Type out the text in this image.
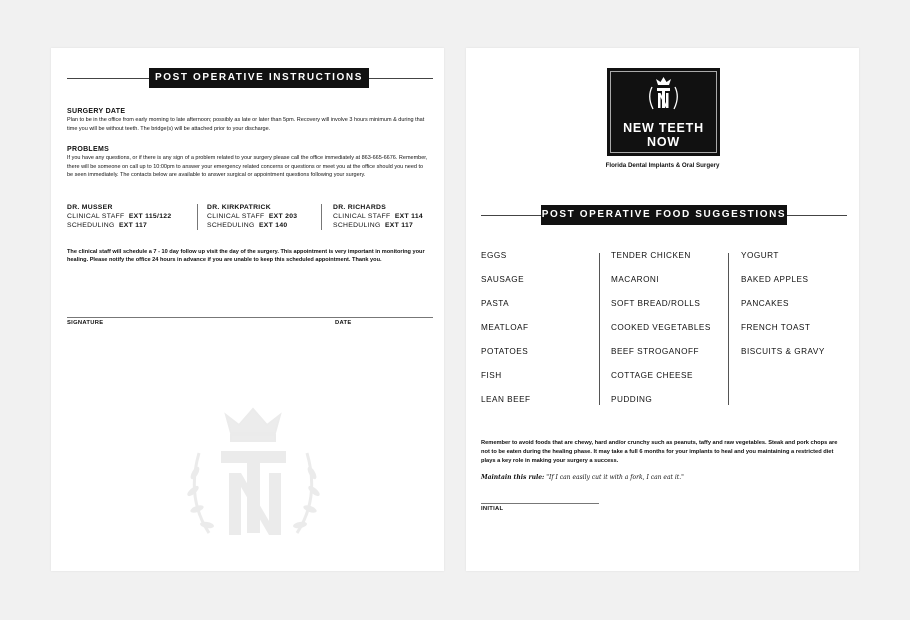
POST OPERATIVE INSTRUCTIONS
SURGERY DATE
Plan to be in the office from early morning to late afternoon; possibly as late or later than 5pm. Recovery will involve 3 hours minimum & during that time you will be without teeth. The bridge(s) will be attached prior to your discharge.
PROBLEMS
If you have any questions, or if there is any sign of a problem related to your surgery please call the office immediately at 863-665-6676. Remember, there will be someone on call up to 10:00pm to answer your emergency related concerns or questions or meet you at the office should you need to be seen immediately. The contacts below are available to answer surgical or appointment questions following your surgery.
DR. MUSSER
CLINICAL STAFF EXT 115/122
SCHEDULING EXT 117
DR. KIRKPATRICK
CLINICAL STAFF EXT 203
SCHEDULING EXT 140
DR. RICHARDS
CLINICAL STAFF EXT 114
SCHEDULING EXT 117
The clinical staff will schedule a 7 - 10 day follow up visit the day of the surgery. This appointment is very important in monitoring your healing. Please notify the office 24 hours in advance if you are unable to keep this scheduled appointment. Thank you.
SIGNATURE	DATE
NEW TEETH
NOW
Florida Dental Implants & Oral Surgery
POST OPERATIVE FOOD SUGGESTIONS
EGGS
SAUSAGE
PASTA
MEATLOAF
POTATOES
FISH
LEAN BEEF
TENDER CHICKEN
MACARONI
SOFT BREAD/ROLLS
COOKED VEGETABLES
BEEF STROGANOFF
COTTAGE CHEESE
PUDDING
YOGURT
BAKED APPLES
PANCAKES
FRENCH TOAST
BISCUITS & GRAVY
Remember to avoid foods that are chewy, hard and/or crunchy such as peanuts, taffy and raw vegetables. Steak and pork chops are not to be eaten during the healing phase. It may take a full 6 months for your implants to heal and you maintaining a restricted diet plays a key role in making your surgery a success.
Maintain this rule: "If I can easily cut it with a fork, I can eat it."
INITIAL
